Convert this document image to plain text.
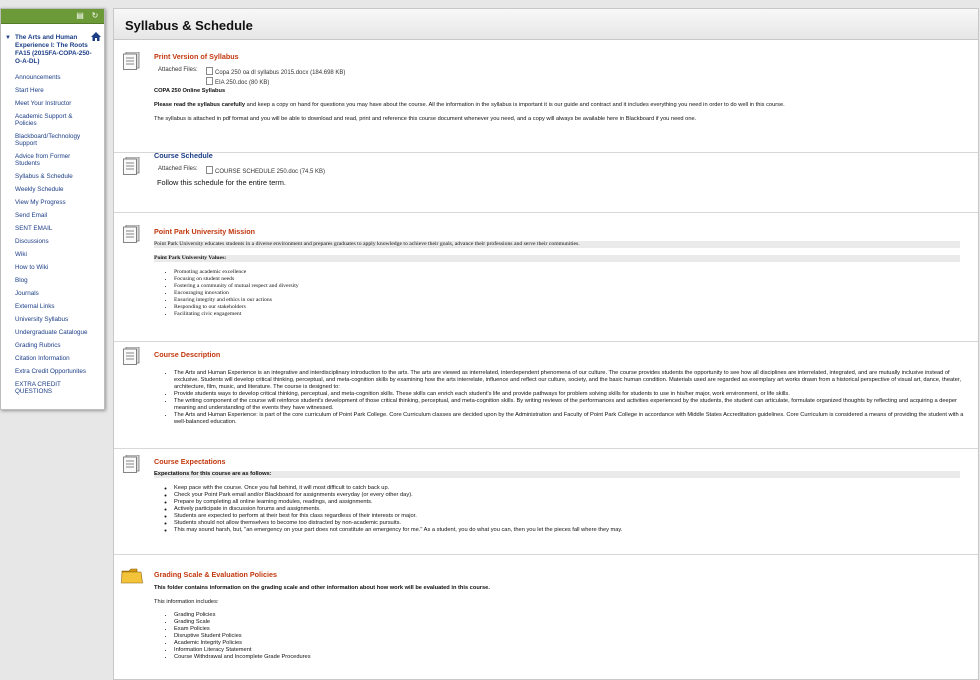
▤ ↻
▼ The Arts and Human Experience I: The Roots FA15 (2015FA-COPA-250-O-A-DL)
Announcements
Start Here
Meet Your Instructor
Academic Support & Policies
Blackboard/Technology Support
Advice from Former Students
Syllabus & Schedule
Weekly Schedule
View My Progress
Send Email
SENT EMAIL
Discussions
Wiki
How to Wiki
Blog
Journals
External Links
University Syllabus
Undergraduate Catalogue
Grading Rubrics
Citation Information
Extra Credit Opportunites
EXTRA CREDIT QUESTIONS
Syllabus & Schedule
Print Version of Syllabus
Attached Files:	Copa 250 oa dl syllabus 2015.docx (184.698 KB)
EIA 250.doc (80 KB)
COPA 250 Online Syllabus
Please read the syllabus carefully and keep a copy on hand for questions you may have about the course. All the information in the syllabus is important it is our guide and contract and it includes everything you need in order to do well in this course.
The syllabus is attached in pdf format and you will be able to download and read, print and reference this course document whenever you need, and a copy will always be available here in Blackboard if you need one.
Course Schedule
Attached Files:	COURSE SCHEDULE 250.doc (74.5 KB)
Follow this schedule for the entire term.
Point Park University Mission
Point Park University educates students in a diverse environment and prepares graduates to apply knowledge to achieve their goals, advance their professions and serve their communities.
Point Park University Values:
• Promoting academic excellence
• Focusing on student needs
• Fostering a community of mutual respect and diversity
• Encouraging innovation
• Ensuring integrity and ethics in our actions
• Responding to our stakeholders
• Facilitating civic engagement
Course Description
• The Arts and Human Experience is an integrative and interdisciplinary introduction to the arts. The arts are viewed as interrelated, interdependent phenomena of our culture. The course provides students the opportunity to see how all disciplines are interrelated, integrated, and are mutually inclusive instead of exclusive. Students will develop critical thinking, perceptual, and meta-cognition skills by examining how the arts interrelate, influence and reflect our culture, society, and the basic human condition. Materials used are regarded as exemplary art works drawn from a historical perspective of visual art, dance, theater, architecture, film, music, and literature. The course is designed to:
• Provide students ways to develop critical thinking, perceptual, and meta-cognition skills. These skills can enrich each student's life and provide pathways for problem solving skills for students to use in his/her major, work environment, or life skills.
• The writing component of the course will reinforce student's development of those critical thinking, perceptual, and meta-cognition skills. By writing reviews of the performances and activities experienced by the students, the student can articulate, formulate organized thoughts by reflecting and acquiring a deeper meaning and understanding of the events they have witnessed.
• The Arts and Human Experience: is part of the core curriculum of Point Park College. Core Curriculum classes are decided upon by the Administration and Faculty of Point Park College in accordance with Middle States Accreditation guidelines. Core Curriculum is considered a means of providing the student with a well-balanced education.
Course Expectations
Expectations for this course are as follows:
◦ Keep pace with the course. Once you fall behind, it will most difficult to catch back up.
◦ Check your Point Park email and/or Blackboard for assignments everyday (or every other day).
◦ Prepare by completing all online learning modules, readings, and assignments.
◦ Actively participate in discussion forums and assignments.
◦ Students are expected to perform at their best for this class regardless of their interests or major.
◦ Students should not allow themselves to become too distracted by non-academic pursuits.
◦ This may sound harsh, but, "an emergency on your part does not constitute an emergency for me." As a student, you do what you can, then you let the pieces fall where they may.
Grading Scale & Evaluation Policies
This folder contains information on the grading scale and other information about how work will be evaluated in this course.
This information includes:
• Grading Policies
• Grading Scale
• Exam Policies
• Disruptive Student Policies
• Academic Integrity Policies
• Information Literacy Statement
• Course Withdrawal and Incomplete Grade Procedures
